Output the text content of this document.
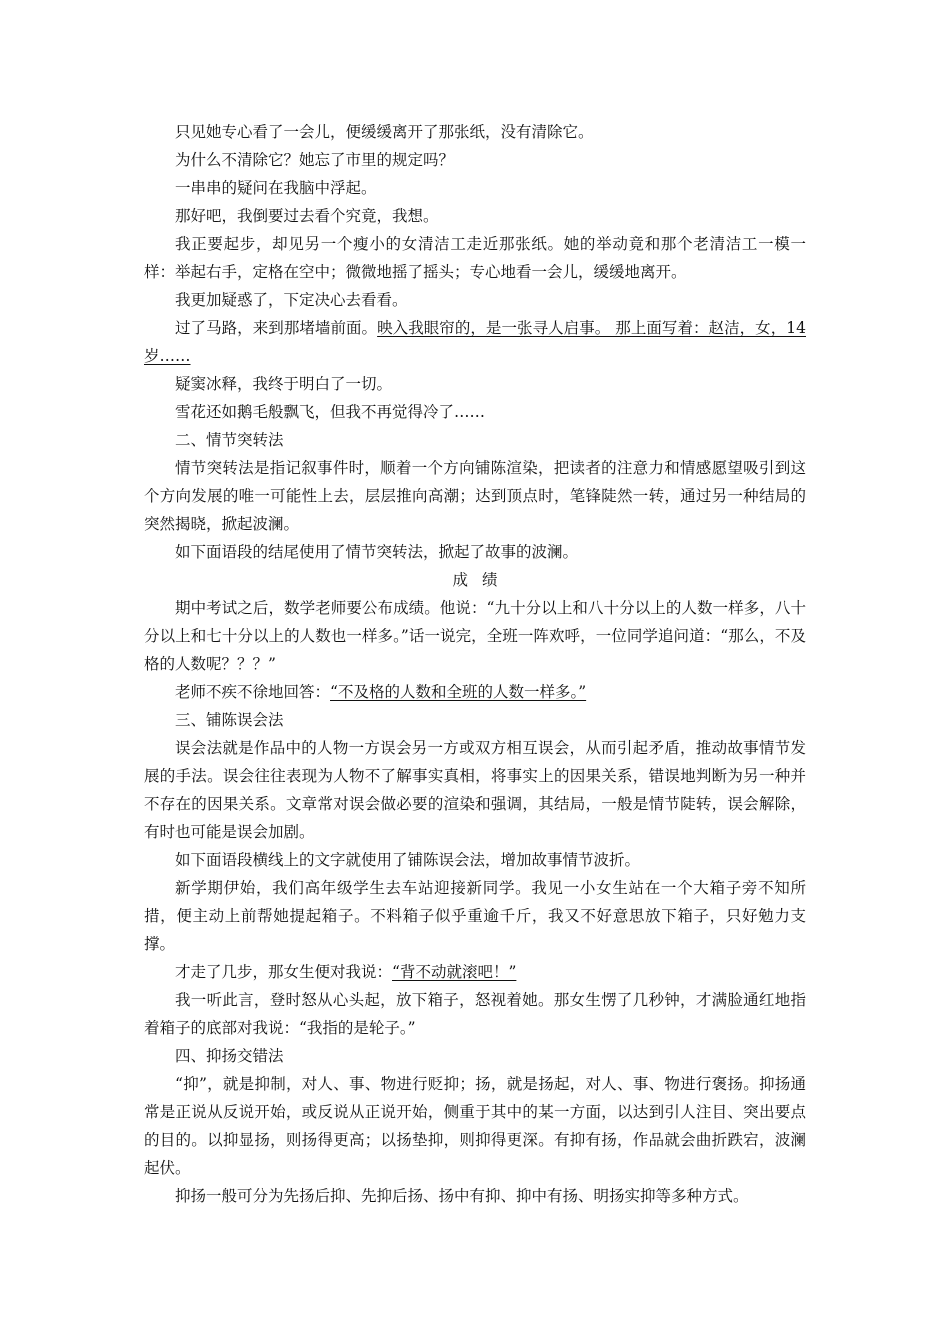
只见她专心看了一会儿，便缓缓离开了那张纸，没有清除它。

为什么不清除它？她忘了市里的规定吗？

一串串的疑问在我脑中浮起。

那好吧，我倒要过去看个究竟，我想。

我正要起步，却见另一个瘦小的女清洁工走近那张纸。她的举动竟和那个老清洁工一模一样：举起右手，定格在空中；微微地摇了摇头；专心地看一会儿，缓缓地离开。

我更加疑惑了，下定决心去看看。

过了马路，来到那堵墙前面。映入我眼帘的，是一张寻人启事。 那上面写着：赵洁，女，14岁……

疑窦冰释，我终于明白了一切。

雪花还如鹅毛般飘飞，但我不再觉得冷了……

二、情节突转法

情节突转法是指记叙事件时，顺着一个方向铺陈渲染，把读者的注意力和情感愿望吸引到这个方向发展的唯一可能性上去，层层推向高潮；达到顶点时，笔锋陡然一转，通过另一种结局的突然揭晓，掀起波澜。

如下面语段的结尾使用了情节突转法，掀起了故事的波澜。

成绩

期中考试之后，数学老师要公布成绩。他说：“九十分以上和八十分以上的人数一样多，八十分以上和七十分以上的人数也一样多。”话一说完，全班一阵欢呼，一位同学追问道：“那么，不及格的人数呢？？？”

老师不疾不徐地回答：“不及格的人数和全班的人数一样多。”

三、铺陈误会法

误会法就是作品中的人物一方误会另一方或双方相互误会，从而引起矛盾，推动故事情节发展的手法。误会往往表现为人物不了解事实真相，将事实上的因果关系，错误地判断为另一种并不存在的因果关系。文章常对误会做必要的渲染和强调，其结局，一般是情节陡转，误会解除，有时也可能是误会加剧。

如下面语段横线上的文字就使用了铺陈误会法，增加故事情节波折。

新学期伊始，我们高年级学生去车站迎接新同学。我见一小女生站在一个大箱子旁不知所措，便主动上前帮她提起箱子。不料箱子似乎重逾千斤，我又不好意思放下箱子，只好勉力支撑。

才走了几步，那女生便对我说：“背不动就滚吧！”

我一听此言，登时怒从心头起，放下箱子，怒视着她。那女生愣了几秒钟，才满脸通红地指着箱子的底部对我说：“我指的是轮子。”

四、抑扬交错法

“抑”，就是抑制，对人、事、物进行贬抑；扬，就是扬起，对人、事、物进行褒扬。抑扬通常是正说从反说开始，或反说从正说开始，侧重于其中的某一方面，以达到引人注目、突出要点的目的。以抑显扬，则扬得更高；以扬垫抑，则抑得更深。有抑有扬，作品就会曲折跌宕，波澜起伏。

抑扬一般可分为先扬后抑、先抑后扬、扬中有抑、抑中有扬、明扬实抑等多种方式。
